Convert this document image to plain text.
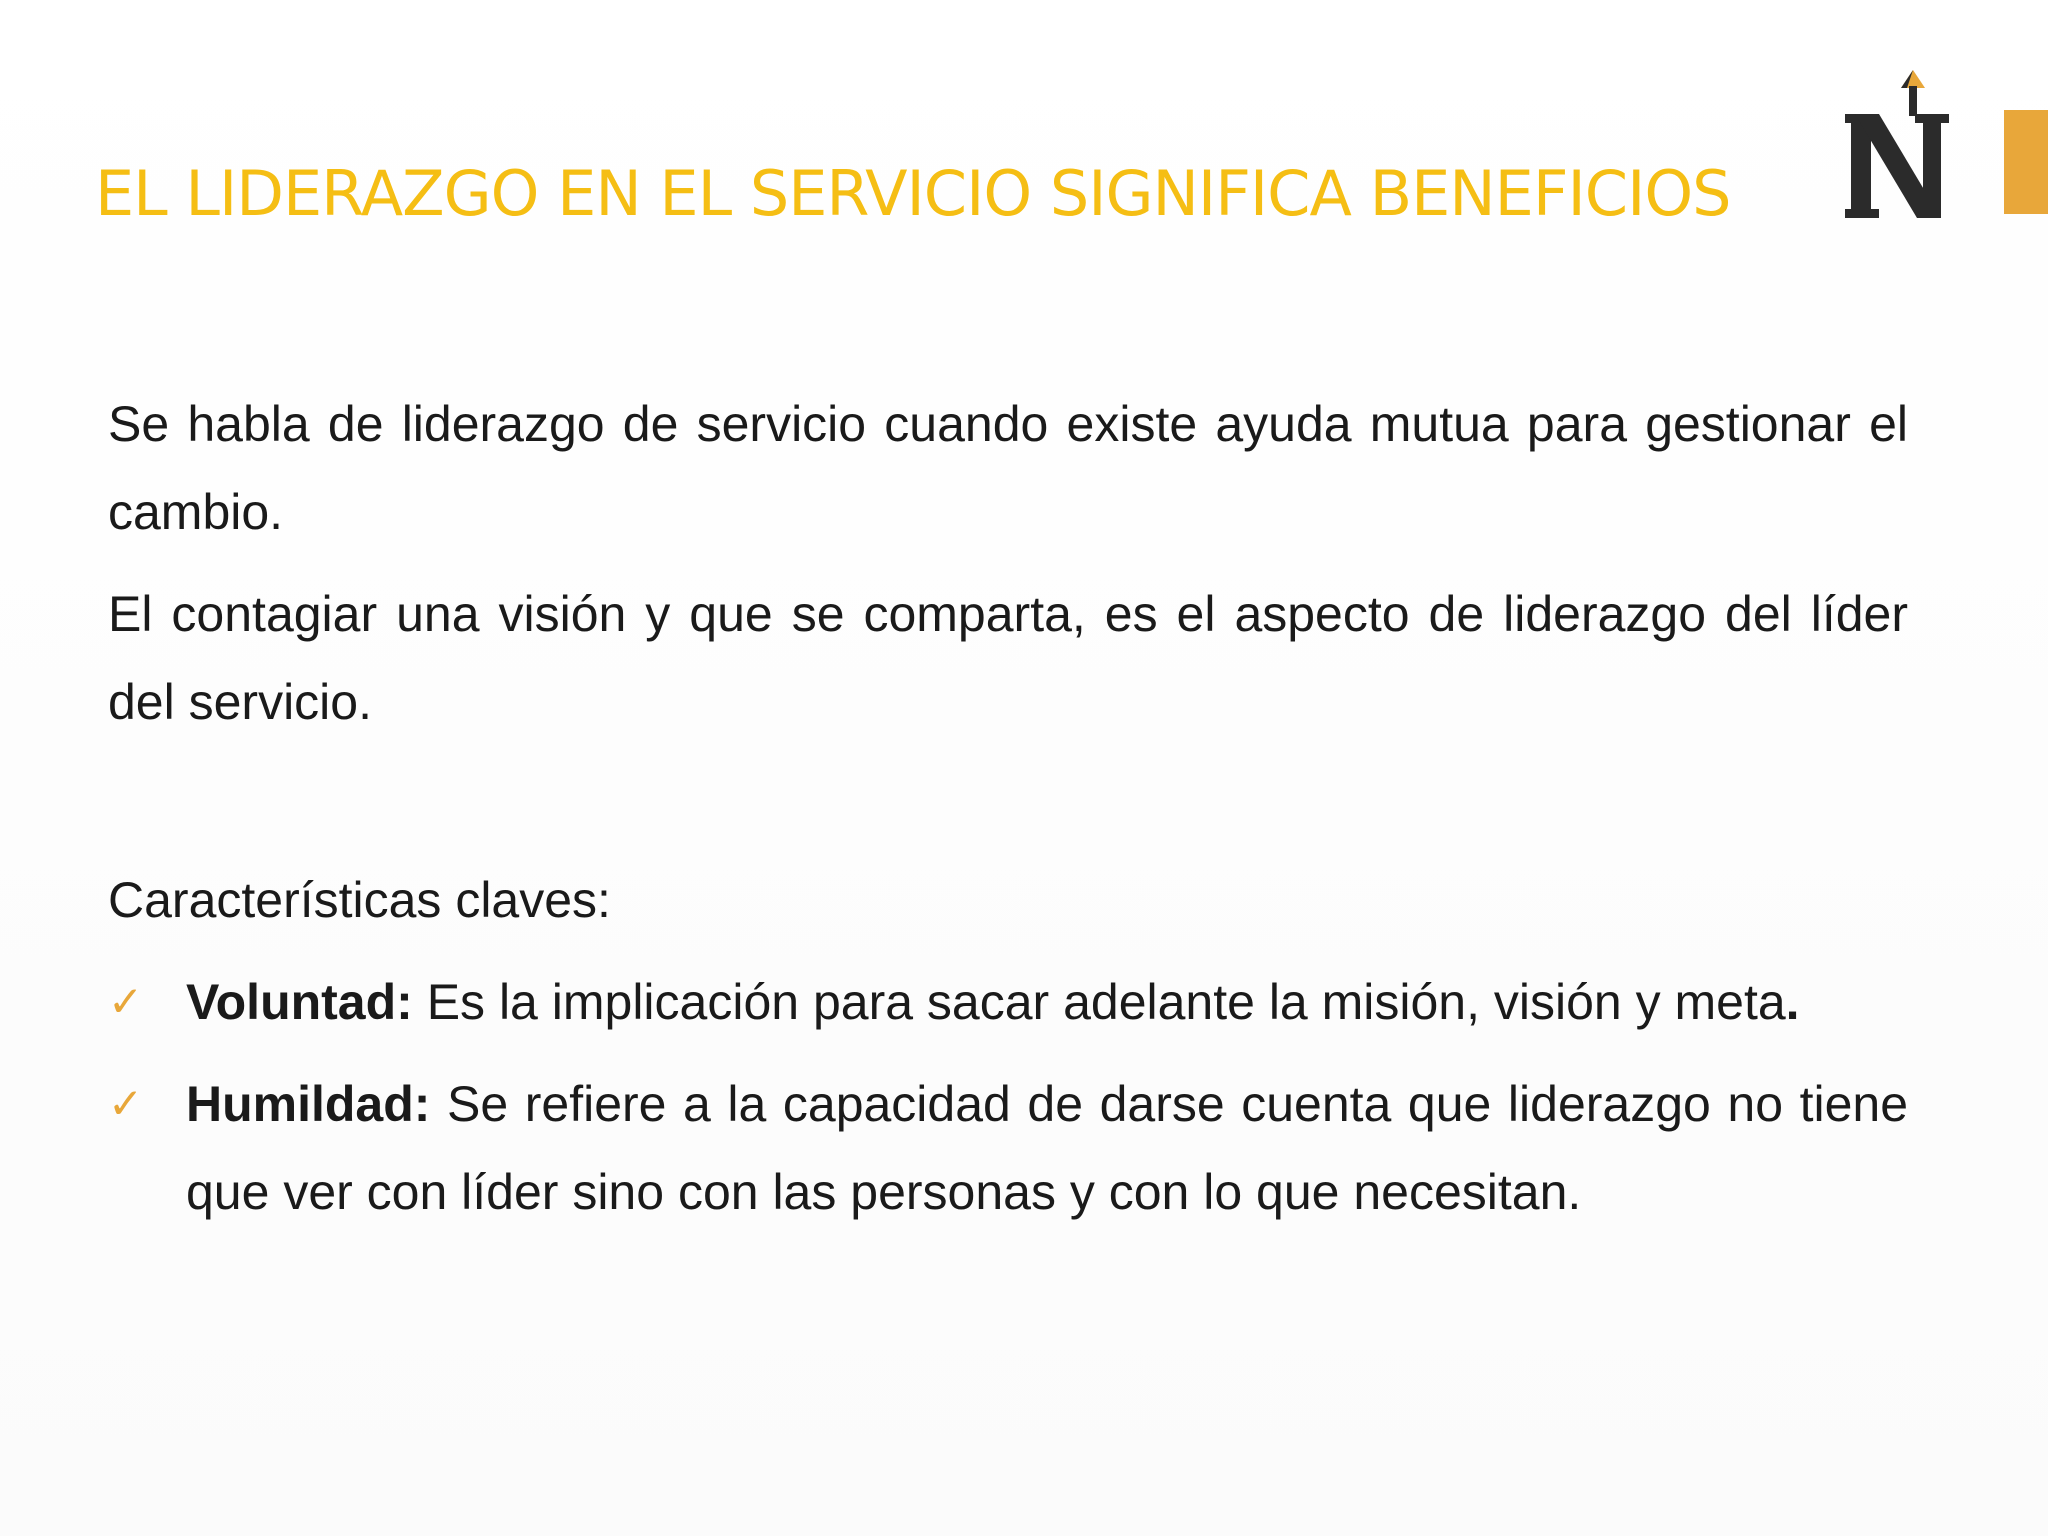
EL LIDERAZGO EN EL SERVICIO SIGNIFICA BENEFICIOS

Se habla de liderazgo de servicio cuando existe ayuda mutua para gestionar el cambio.

El contagiar una visión y que se comparta, es el aspecto de liderazgo del líder del servicio.

Características claves:

✓ Voluntad: Es la implicación para sacar adelante la misión, visión y meta.

✓ Humildad: Se refiere a la capacidad de darse cuenta que liderazgo no tiene que ver con líder sino con las personas y con lo que necesitan.
